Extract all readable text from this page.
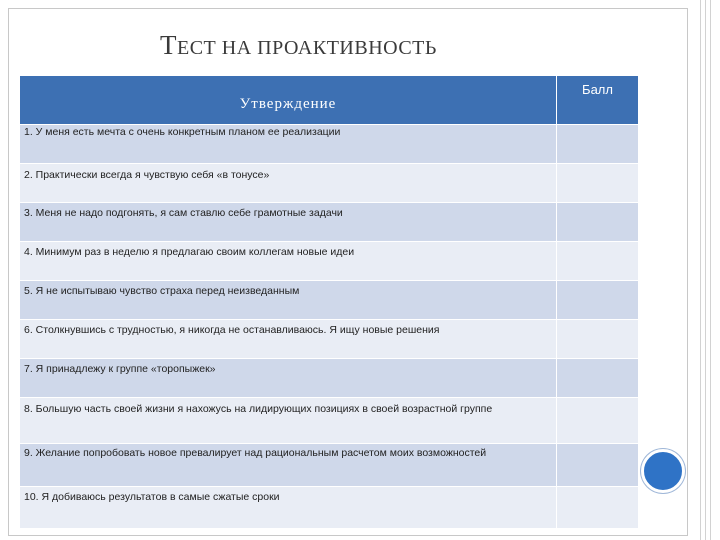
ТЕСТ НА ПРОАКТИВНОСТЬ
Утверждение	Балл
1. У меня есть мечта с очень конкретным планом ее реализации	
2. Практически всегда я чувствую себя «в тонусе»	
3. Меня не надо подгонять, я сам ставлю себе грамотные задачи	
4. Минимум раз в неделю я предлагаю своим коллегам новые идеи	
5. Я не испытываю чувство страха перед неизведанным	
6. Столкнувшись с трудностью, я никогда не останавливаюсь. Я ищу новые решения	
7. Я принадлежу к группе «торопыжек»	
8. Большую часть своей жизни я нахожусь на лидирующих позициях в своей возрастной группе	
9. Желание попробовать новое превалирует над рациональным расчетом моих возможностей	
10. Я добиваюсь результатов в самые сжатые сроки	
